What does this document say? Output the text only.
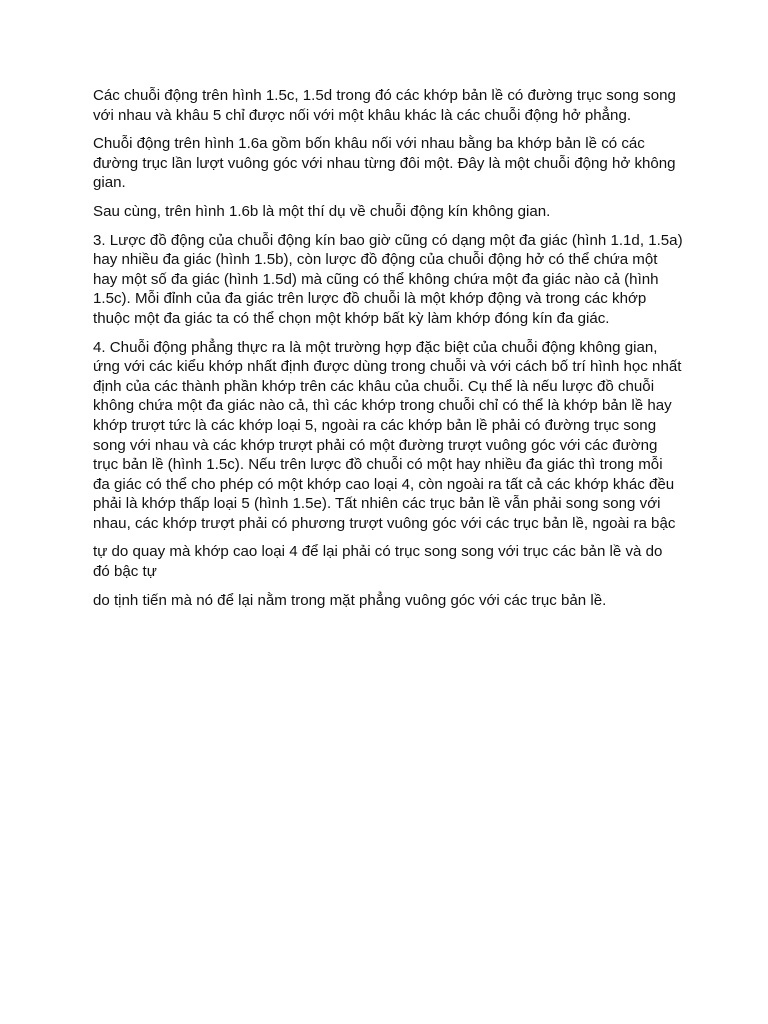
Các chuỗi động trên hình 1.5c, 1.5d trong đó các khớp bản lề có đường trục song song với nhau và khâu 5 chỉ được nối với một khâu khác là các chuỗi động hở phẳng.

Chuỗi động trên hình 1.6a gồm bốn khâu nối với nhau bằng ba khớp bản lề có các đường trục lần lượt vuông góc với nhau từng đôi một. Đây là một chuỗi động hở không gian.

Sau cùng, trên hình 1.6b là một thí dụ về chuỗi động kín không gian.

3. Lược đồ động của chuỗi động kín bao giờ cũng có dạng một đa giác (hình 1.1d, 1.5a) hay nhiều đa giác (hình 1.5b), còn lược đồ động của chuỗi động hở có thể chứa một hay một số đa giác (hình 1.5d) mà cũng có thể không chứa một đa giác nào cả (hình 1.5c). Mỗi đỉnh của đa giác trên lược đồ chuỗi là một khớp động và trong các khớp thuộc một đa giác ta có thể chọn một khớp bất kỳ làm khớp đóng kín đa giác.

4. Chuỗi động phẳng thực ra là một trường hợp đặc biệt của chuỗi động không gian, ứng với các kiểu khớp nhất định được dùng trong chuỗi và với cách bố trí hình học nhất định của các thành phần khớp trên các khâu của chuỗi. Cụ thể là nếu lược đồ chuỗi không chứa một đa giác nào cả, thì các khớp trong chuỗi chỉ có thể là khớp bản lề hay khớp trượt tức là các khớp loại 5, ngoài ra các khớp bản lề phải có đường trục song song với nhau và các khớp trượt phải có một đường trượt vuông góc với các đường trục bản lề (hình 1.5c). Nếu trên lược đồ chuỗi có một hay nhiều đa giác thì trong mỗi đa giác có thể cho phép có một khớp cao loại 4, còn ngoài ra tất cả các khớp khác đều phải là khớp thấp loại 5 (hình 1.5e). Tất nhiên các trục bản lề vẫn phải song song với nhau, các khớp trượt phải có phương trượt vuông góc với các trục bản lề, ngoài ra bậc

tự do quay mà khớp cao loại 4 để lại phải có trục song song với trục các bản lề và do đó bậc tự

do tịnh tiến mà nó để lại nằm trong mặt phẳng vuông góc với các trục bản lề.
